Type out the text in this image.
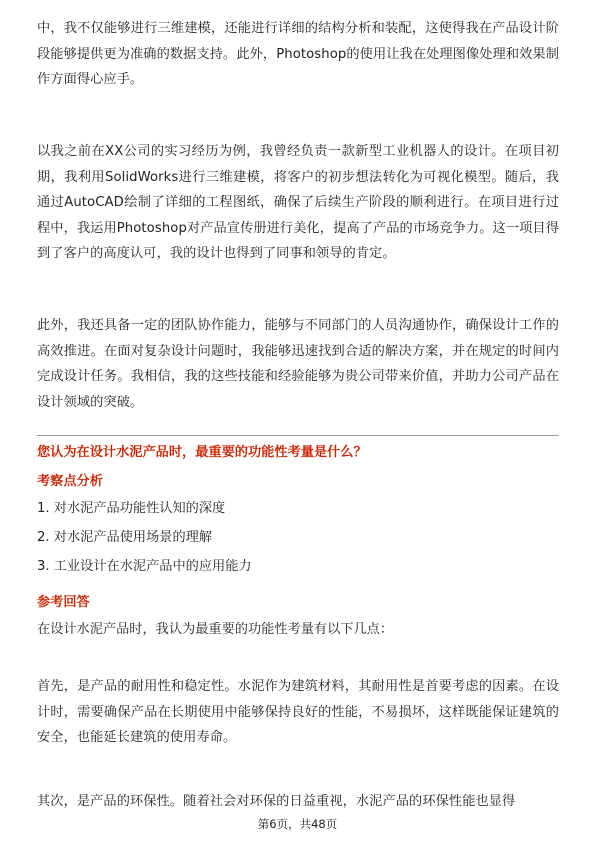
中，我不仅能够进行三维建模，还能进行详细的结构分析和装配，这使得我在产品设计阶段能够提供更为准确的数据支持。此外，Photoshop的使用让我在处理图像处理和效果制作方面得心应手。

以我之前在XX公司的实习经历为例，我曾经负责一款新型工业机器人的设计。在项目初期，我利用SolidWorks进行三维建模，将客户的初步想法转化为可视化模型。随后，我通过AutoCAD绘制了详细的工程图纸，确保了后续生产阶段的顺利进行。在项目进行过程中，我运用Photoshop对产品宣传册进行美化，提高了产品的市场竞争力。这一项目得到了客户的高度认可，我的设计也得到了同事和领导的肯定。

此外，我还具备一定的团队协作能力，能够与不同部门的人员沟通协作，确保设计工作的高效推进。在面对复杂设计问题时，我能够迅速找到合适的解决方案，并在规定的时间内完成设计任务。我相信，我的这些技能和经验能够为贵公司带来价值，并助力公司产品在设计领域的突破。

您认为在设计水泥产品时，最重要的功能性考量是什么？
考察点分析
1. 对水泥产品功能性认知的深度
2. 对水泥产品使用场景的理解
3. 工业设计在水泥产品中的应用能力
参考回答
在设计水泥产品时，我认为最重要的功能性考量有以下几点：

首先，是产品的耐用性和稳定性。水泥作为建筑材料，其耐用性是首要考虑的因素。在设计时，需要确保产品在长期使用中能够保持良好的性能，不易损坏，这样既能保证建筑的安全，也能延长建筑的使用寿命。

其次，是产品的环保性。随着社会对环保的日益重视，水泥产品的环保性能也显得

第6页，共48页
